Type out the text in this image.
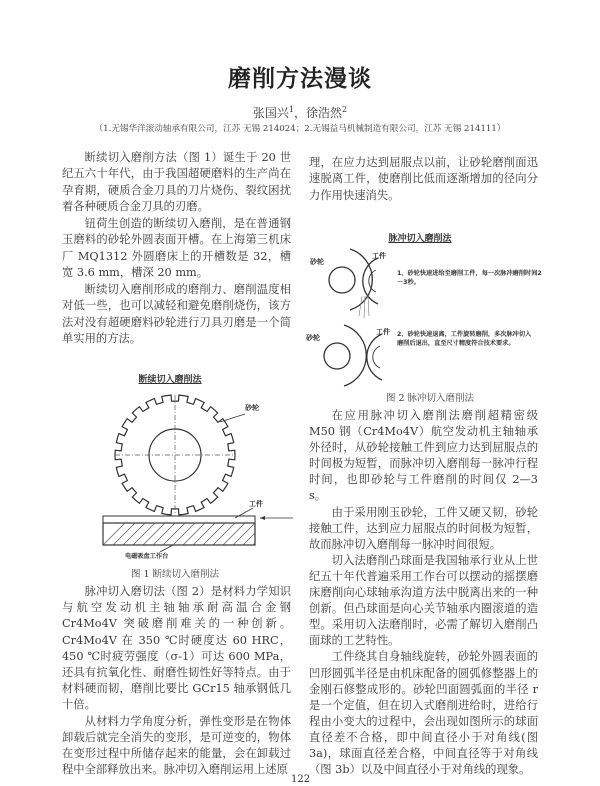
磨削方法漫谈
张国兴$^1$，徐浩然$^2$
（1.无锡华洋滚动轴承有限公司，江苏 无锡 214024；2.无锡益马机械制造有限公司，江苏 无锡 214111）

断续切入磨削方法（图 1）诞生于 20 世纪五六十年代，由于我国超硬磨料的生产尚在孕育期，硬质合金刀具的刀片烧伤、裂纹困扰着各种硬质合金刀具的刃磨。

钮荷生创造的断续切入磨削，是在普通钢玉磨料的砂轮外圆表面开槽。在上海第三机床厂 MQ1312 外圆磨床上的开槽数是 32，槽宽 3.6 mm，槽深 20 mm。

断续切入磨削形成的磨削力、磨削温度相对低一些，也可以减轻和避免磨削烧伤，该方法对没有超硬磨料砂轮进行刀具刃磨是一个简单实用的方法。

断续切入磨削法
砂轮
工件
电磁吸盘工作台
图 1 断续切入磨削法

脉冲切入磨切法（图 2）是材料力学知识与航空发动机主轴轴承耐高温合金钢 Cr4Mo4V 突破磨削难关的一种创新。Cr4Mo4V 在 350 ℃时硬度达 60 HRC，450 ℃时疲劳强度（σ-1）可达 600 MPa，还具有抗氧化性、耐磨性韧性好等特点。由于材料硬而韧，磨削比要比 GCr15 轴承钢低几十倍。

从材料力学角度分析，弹性变形是在物体卸载后就完全消失的变形，是可逆变的，物体在变形过程中所储存起来的能量，会在卸载过程中全部释放出来。脉冲切入磨削运用上述原

理，在应力达到屈服点以前，让砂轮磨削面迅速脱离工件，使磨削比低而逐渐增加的径向分力作用快速消失。

脉冲切入磨削法
砂轮
工件
砂轮
工件
1、砂轮快速进给至磨削工件，每一次脉冲磨削时间2－3秒。
2、砂轮快速退离，工件旋转磨削，多次脉冲切入磨削后退出，直至尺寸精度符合技术要求。
图 2 脉冲切入磨削法

在应用脉冲切入磨削法磨削超精密级 M50 钢（Cr4Mo4V）航空发动机主轴轴承外径时，从砂轮接触工件到应力达到屈服点的时间极为短暂，而脉冲切入磨削每一脉冲行程时间，也即砂轮与工件磨削的时间仅 2—3 s。

由于采用刚玉砂轮，工件又硬又韧，砂轮接触工件，达到应力屈服点的时间极为短暂，故而脉冲切入磨削每一脉冲时间很短。

切入法磨削凸球面是我国轴承行业从上世纪五十年代普遍采用工作台可以摆动的摇摆磨床磨削向心球轴承沟道方法中脱离出来的一种创新。但凸球面是向心关节轴承内圈滚道的造型。采用切入法磨削时，必需了解切入磨削凸面球的工艺特性。

工件绕其自身轴线旋转，砂轮外圆表面的凹形圆弧半径是由机床配备的圆弧修整器上的金刚石修整成形的。砂轮凹面圆弧面的半径 r 是一个定值，但在切入式磨削进给时，进给行程由小变大的过程中，会出现如图所示的球面直径差不合格，即中间直径小于对角线(图 3a)，球面直径差合格，中间直径等于对角线（图 3b）以及中间直径小于对角线的现象。

122
